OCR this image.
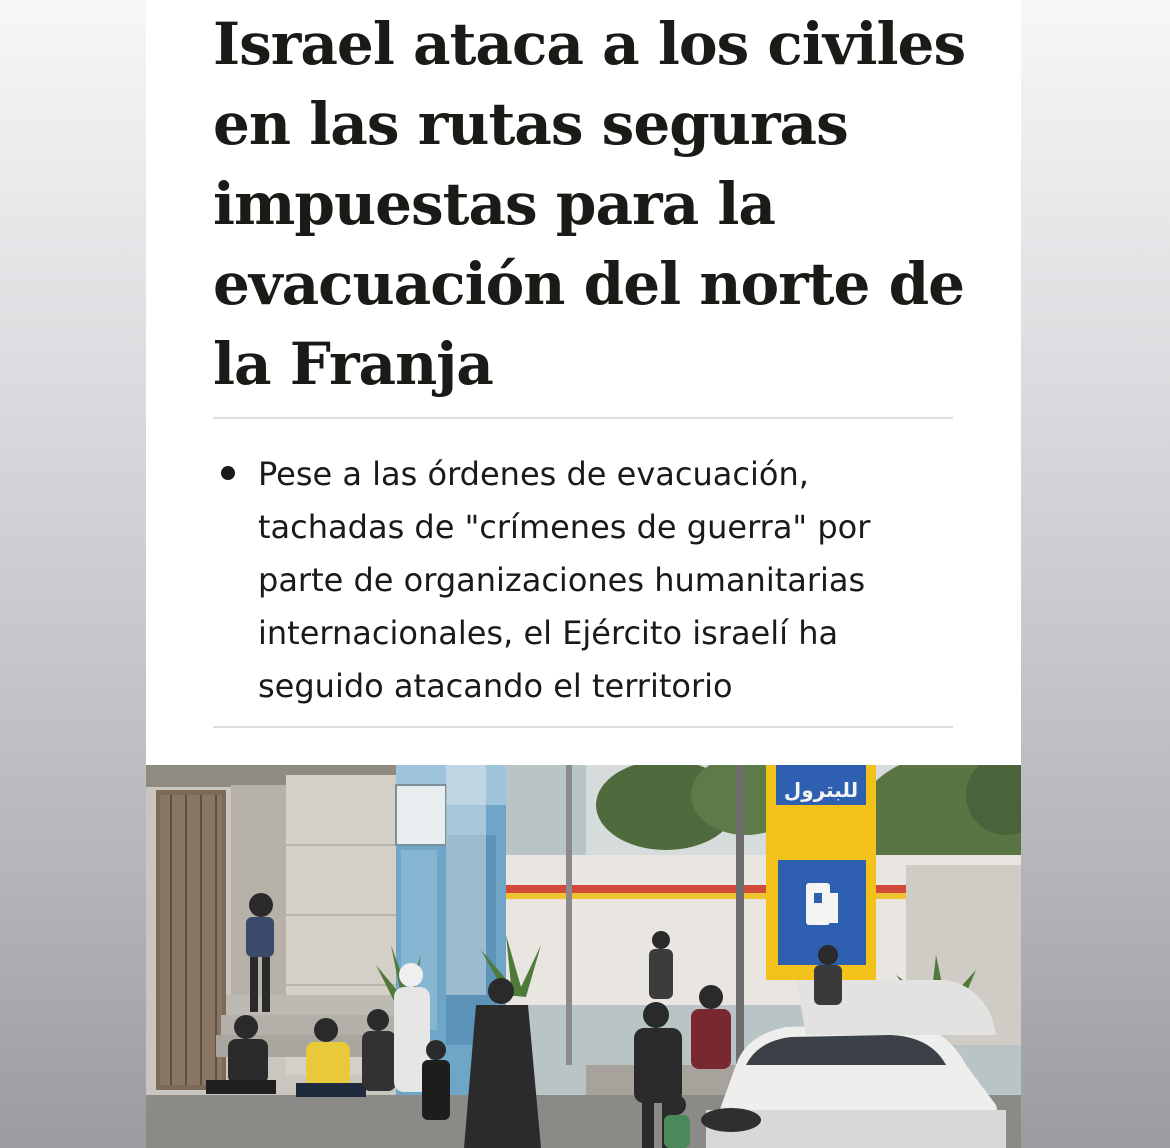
Israel ataca a los civiles en las rutas seguras impuestas para la evacuación del norte de la Franja
Pese a las órdenes de evacuación, tachadas de "crímenes de guerra" por parte de organizaciones humanitarias internacionales, el Ejército israelí ha seguido atacando el territorio
للبترول
